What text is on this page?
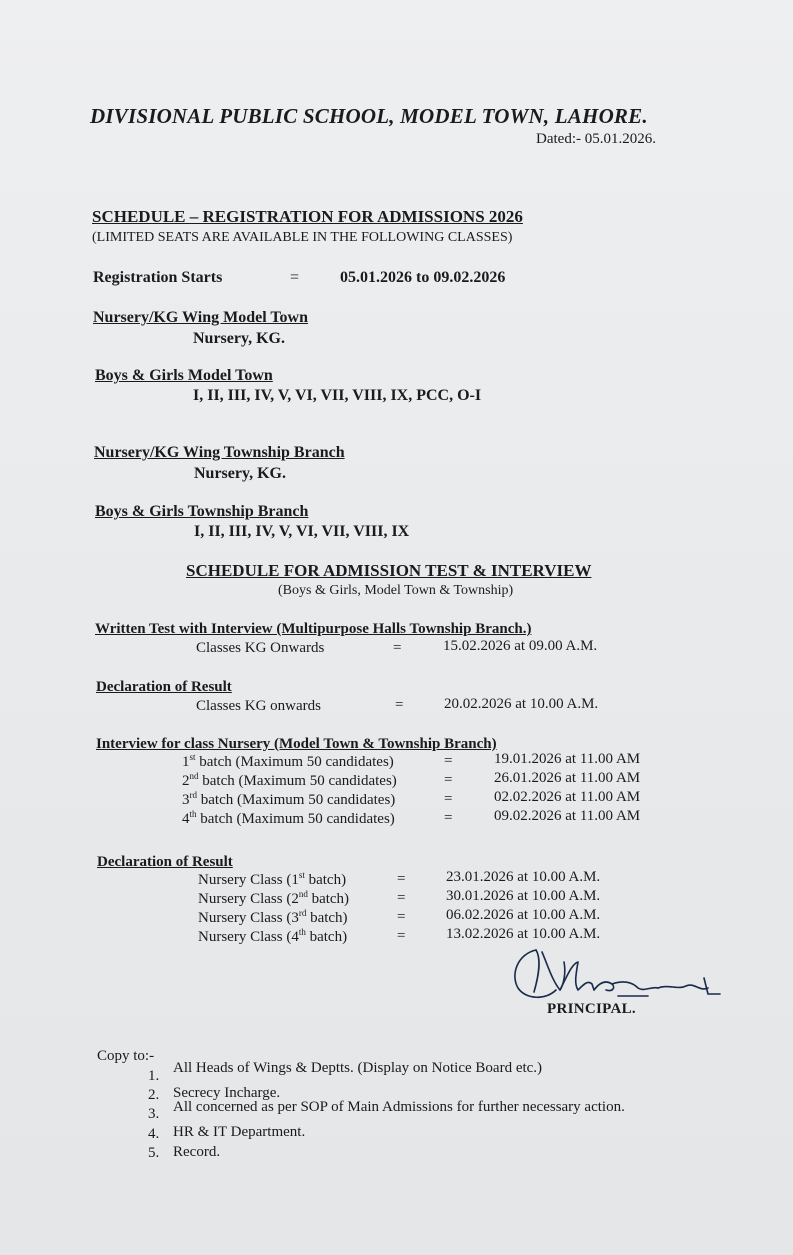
DIVISIONAL PUBLIC SCHOOL, MODEL TOWN, LAHORE.
Dated:- 05.01.2026.
SCHEDULE – REGISTRATION FOR ADMISSIONS 2026
(LIMITED SEATS ARE AVAILABLE IN THE FOLLOWING CLASSES)
Registration Starts	=	05.01.2026 to 09.02.2026
Nursery/KG Wing Model Town
Nursery, KG.
Boys & Girls Model Town
I, II, III, IV, V, VI, VII, VIII, IX, PCC, O-I
Nursery/KG Wing Township Branch
Nursery, KG.
Boys & Girls Township Branch
I, II, III, IV, V, VI, VII, VIII, IX
SCHEDULE FOR ADMISSION TEST & INTERVIEW
(Boys & Girls, Model Town & Township)
Written Test with Interview (Multipurpose Halls Township Branch.)
Classes KG Onwards	=	15.02.2026 at 09.00 A.M.
Declaration of Result
Classes KG onwards	=	20.02.2026 at 10.00 A.M.
Interview for class Nursery (Model Town & Township Branch)
1st batch (Maximum 50 candidates)	=	19.01.2026 at 11.00 AM
2nd batch (Maximum 50 candidates)	=	26.01.2026 at 11.00 AM
3rd batch (Maximum 50 candidates)	=	02.02.2026 at 11.00 AM
4th batch (Maximum 50 candidates)	=	09.02.2026 at 11.00 AM
Declaration of Result
Nursery Class (1st batch)	=	23.01.2026 at 10.00 A.M.
Nursery Class (2nd batch)	=	30.01.2026 at 10.00 A.M.
Nursery Class (3rd batch)	=	06.02.2026 at 10.00 A.M.
Nursery Class (4th batch)	=	13.02.2026 at 10.00 A.M.
PRINCIPAL.
Copy to:-
1. All Heads of Wings & Deptts. (Display on Notice Board etc.)
2. Secrecy Incharge.
3. All concerned as per SOP of Main Admissions for further necessary action.
4. HR & IT Department.
5. Record.
